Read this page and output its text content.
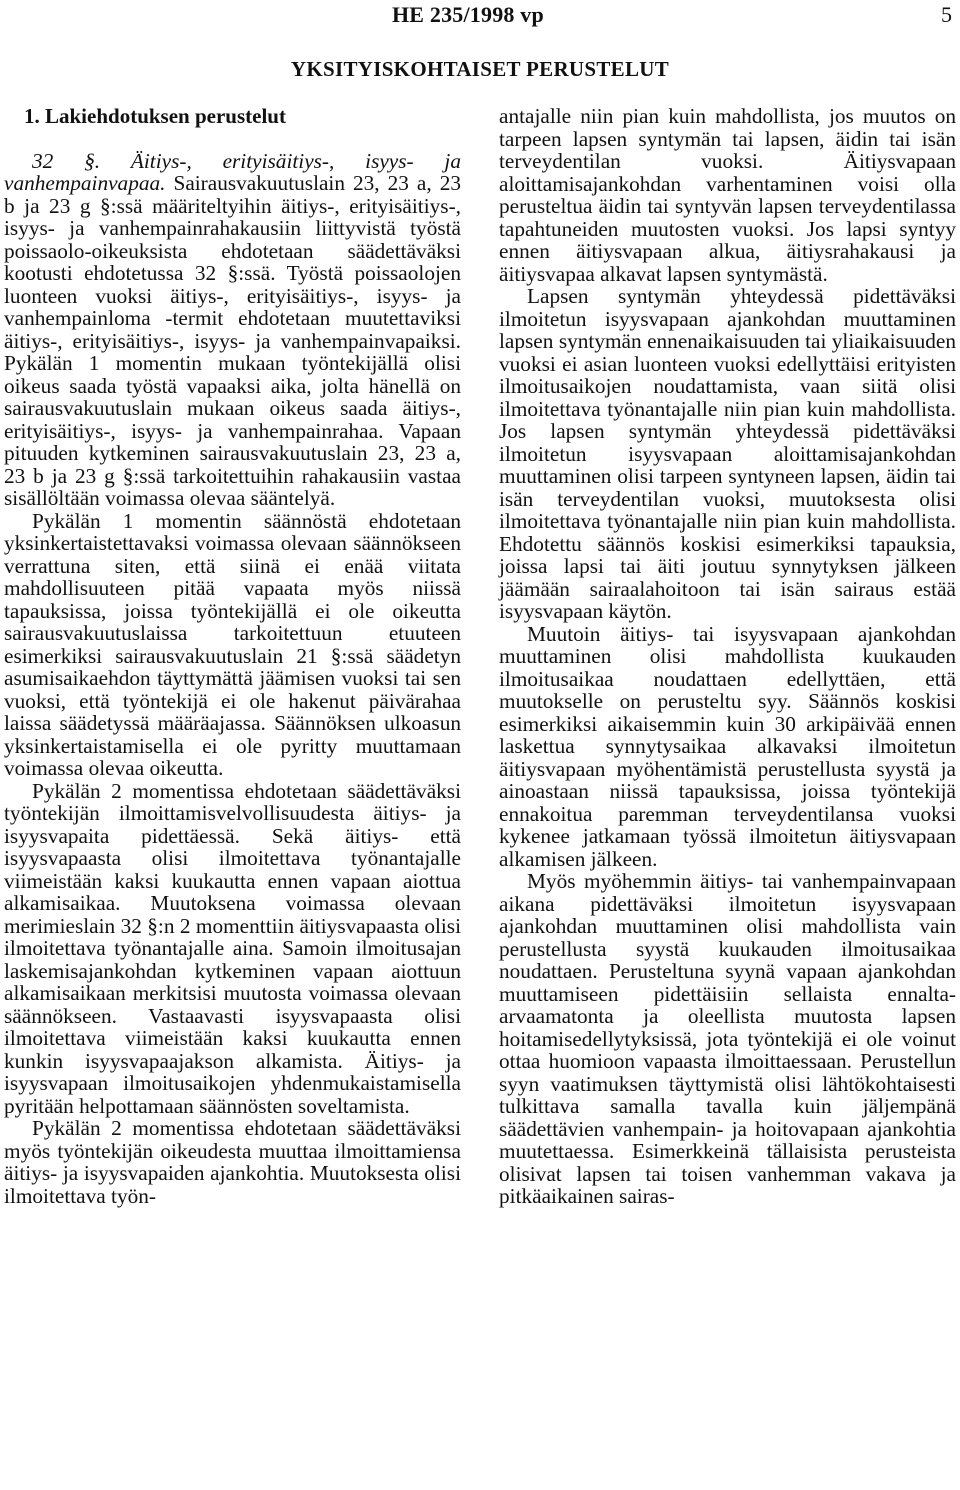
HE 235/1998 vp	5
YKSITYISKOHTAISET PERUSTELUT
1. Lakiehdotuksen perustelut

32 §. Äitiys-, erityisäitiys-, isyys- ja vanhempainvapaa. Sairausvakuutuslain 23, 23 a, 23 b ja 23 g §:ssä määriteltyihin äitiys-, erityisäitiys-, isyys- ja vanhempainrahakausiin liittyvistä työstä poissaolo-oikeuksista ehdotetaan säädettäväksi kootusti ehdotetussa 32 §:ssä. Työstä poissaolojen luonteen vuoksi äitiys-, erityisäitiys-, isyys- ja vanhempainloma -termit ehdotetaan muutettaviksi äitiys-, erityisäitiys-, isyys- ja vanhempainvapaiksi. Pykälän 1 momentin mukaan työntekijällä olisi oikeus saada työstä vapaaksi aika, jolta hänellä on sairausvakuutuslain mukaan oikeus saada äitiys-, erityisäitiys-, isyys- ja vanhempainrahaa. Vapaan pituuden kytkeminen sairausvakuutuslain 23, 23 a, 23 b ja 23 g §:ssä tarkoitettuihin rahakausiin vastaa sisällöltään voimassa olevaa sääntelyä.

Pykälän 1 momentin säännöstä ehdotetaan yksinkertaistettavaksi voimassa olevaan säännökseen verrattuna siten, että siinä ei enää viitata mahdollisuuteen pitää vapaata myös niissä tapauksissa, joissa työntekijällä ei ole oikeutta sairausvakuutuslaissa tarkoitettuun etuuteen esimerkiksi sairausvakuutuslain 21 §:ssä säädetyn asumisaikaehdon täyttymättä jäämisen vuoksi tai sen vuoksi, että työntekijä ei ole hakenut päivärahaa laissa säädetyssä määräajassa. Säännöksen ulkoasun yksinkertaistamisella ei ole pyritty muuttamaan voimassa olevaa oikeutta.

Pykälän 2 momentissa ehdotetaan säädettäväksi työntekijän ilmoittamisvelvollisuudesta äitiys- ja isyysvapaita pidettäessä. Sekä äitiys- että isyysvapaasta olisi ilmoitettava työnantajalle viimeistään kaksi kuukautta ennen vapaan aiottua alkamisaikaa. Muutoksena voimassa olevaan merimieslain 32 §:n 2 momenttiin äitiysvapaasta olisi ilmoitettava työnantajalle aina. Samoin ilmoitusajan laskemisajankohdan kytkeminen vapaan aiottuun alkamisaikaan merkitsisi muutosta voimassa olevaan säännökseen. Vastaavasti isyysvapaasta olisi ilmoitettava viimeistään kaksi kuukautta ennen kunkin isyysvapaajakson alkamista. Äitiys- ja isyysvapaan ilmoitusaikojen yhdenmukaistamisella pyritään helpottamaan säännösten soveltamista.

Pykälän 2 momentissa ehdotetaan säädettäväksi myös työntekijän oikeudesta muuttaa ilmoittamiensa äitiys- ja isyysvapaiden ajankohtia. Muutoksesta olisi ilmoitettava työn-

antajalle niin pian kuin mahdollista, jos muutos on tarpeen lapsen syntymän tai lapsen, äidin tai isän terveydentilan vuoksi. Äitiysvapaan aloittamisajankohdan varhentaminen voisi olla perusteltua äidin tai syntyvän lapsen terveydentilassa tapahtuneiden muutosten vuoksi. Jos lapsi syntyy ennen äitiysvapaan alkua, äitiysrahakausi ja äitiysvapaa alkavat lapsen syntymästä.

Lapsen syntymän yhteydessä pidettäväksi ilmoitetun isyysvapaan ajankohdan muuttaminen lapsen syntymän ennenaikaisuuden tai yliaikaisuuden vuoksi ei asian luonteen vuoksi edellyttäisi erityisten ilmoitusaikojen noudattamista, vaan siitä olisi ilmoitettava työnantajalle niin pian kuin mahdollista. Jos lapsen syntymän yhteydessä pidettäväksi ilmoitetun isyysvapaan aloittamisajankohdan muuttaminen olisi tarpeen syntyneen lapsen, äidin tai isän terveydentilan vuoksi, muutoksesta olisi ilmoitettava työnantajalle niin pian kuin mahdollista. Ehdotettu säännös koskisi esimerkiksi tapauksia, joissa lapsi tai äiti joutuu synnytyksen jälkeen jäämään sairaalahoitoon tai isän sairaus estää isyysvapaan käytön.

Muutoin äitiys- tai isyysvapaan ajankohdan muuttaminen olisi mahdollista kuukauden ilmoitusaikaa noudattaen edellyttäen, että muutokselle on perusteltu syy. Säännös koskisi esimerkiksi aikaisemmin kuin 30 arkipäivää ennen laskettua synnytysaikaa alkavaksi ilmoitetun äitiysvapaan myöhentämistä perustellusta syystä ja ainoastaan niissä tapauksissa, joissa työntekijä ennakoitua paremman terveydentilansa vuoksi kykenee jatkamaan työssä ilmoitetun äitiysvapaan alkamisen jälkeen.

Myös myöhemmin äitiys- tai vanhempainvapaan aikana pidettäväksi ilmoitetun isyysvapaan ajankohdan muuttaminen olisi mahdollista vain perustellusta syystä kuukauden ilmoitusaikaa noudattaen. Perusteltuna syynä vapaan ajankohdan muuttamiseen pidettäisiin sellaista ennalta-arvaamatonta ja oleellista muutosta lapsen hoitamisedellytyksissä, jota työntekijä ei ole voinut ottaa huomioon vapaasta ilmoittaessaan. Perustellun syyn vaatimuksen täyttymistä olisi lähtökohtaisesti tulkittava samalla tavalla kuin jäljempänä säädettävien vanhempain- ja hoitovapaan ajankohtia muutettaessa. Esimerkkeinä tällaisista perusteista olisivat lapsen tai toisen vanhemman vakava ja pitkäaikainen sairas-
